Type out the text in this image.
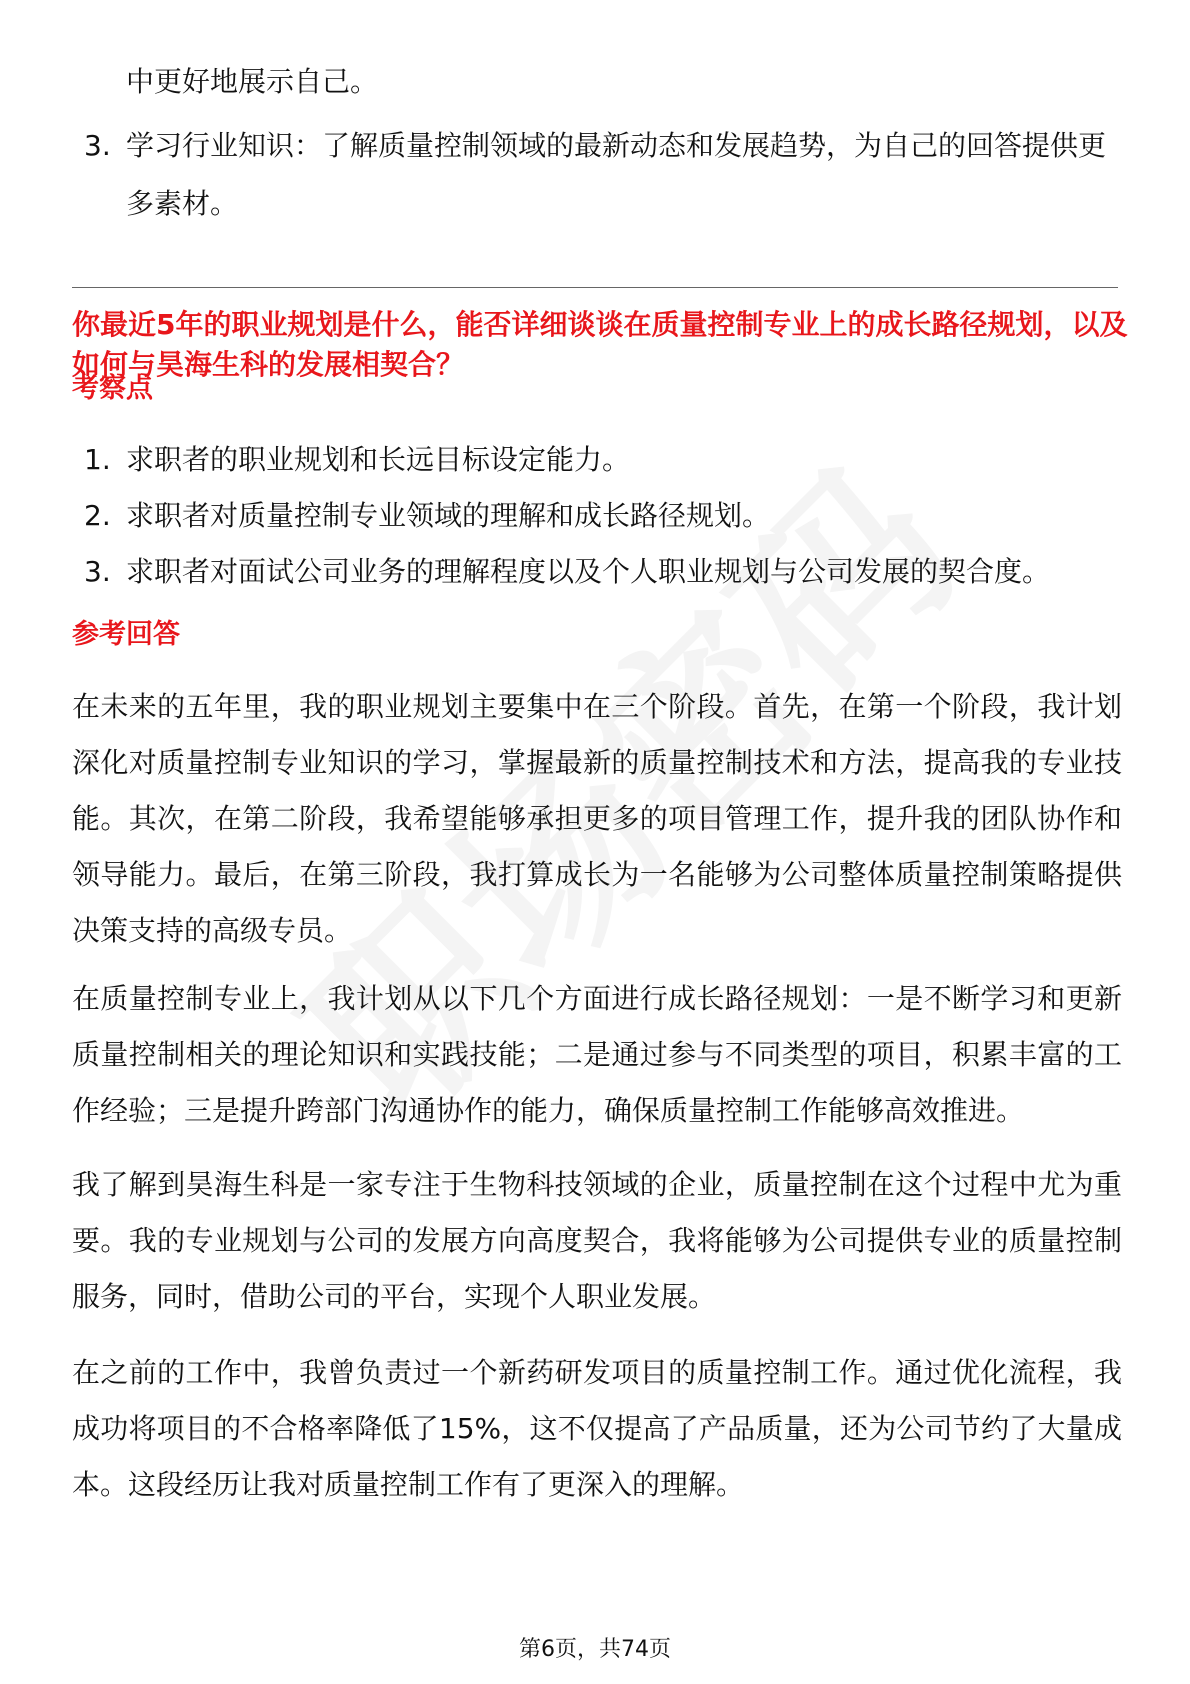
中更好地展示自己。
3. 学习行业知识：了解质量控制领域的最新动态和发展趋势，为自己的回答提供更多素材。
你最近5年的职业规划是什么，能否详细谈谈在质量控制专业上的成长路径规划，以及如何与昊海生科的发展相契合？
考察点
1. 求职者的职业规划和长远目标设定能力。
2. 求职者对质量控制专业领域的理解和成长路径规划。
3. 求职者对面试公司业务的理解程度以及个人职业规划与公司发展的契合度。
参考回答

在未来的五年里，我的职业规划主要集中在三个阶段。首先，在第一个阶段，我计划深化对质量控制专业知识的学习，掌握最新的质量控制技术和方法，提高我的专业技能。其次，在第二阶段，我希望能够承担更多的项目管理工作，提升我的团队协作和领导能力。最后，在第三阶段，我打算成长为一名能够为公司整体质量控制策略提供决策支持的高级专员。

在质量控制专业上，我计划从以下几个方面进行成长路径规划：一是不断学习和更新质量控制相关的理论知识和实践技能；二是通过参与不同类型的项目，积累丰富的工作经验；三是提升跨部门沟通协作的能力，确保质量控制工作能够高效推进。

我了解到昊海生科是一家专注于生物科技领域的企业，质量控制在这个过程中尤为重要。我的专业规划与公司的发展方向高度契合，我将能够为公司提供专业的质量控制服务，同时，借助公司的平台，实现个人职业发展。

在之前的工作中，我曾负责过一个新药研发项目的质量控制工作。通过优化流程，我成功将项目的不合格率降低了15%，这不仅提高了产品质量，还为公司节约了大量成本。这段经历让我对质量控制工作有了更深入的理解。

第6页，共74页
